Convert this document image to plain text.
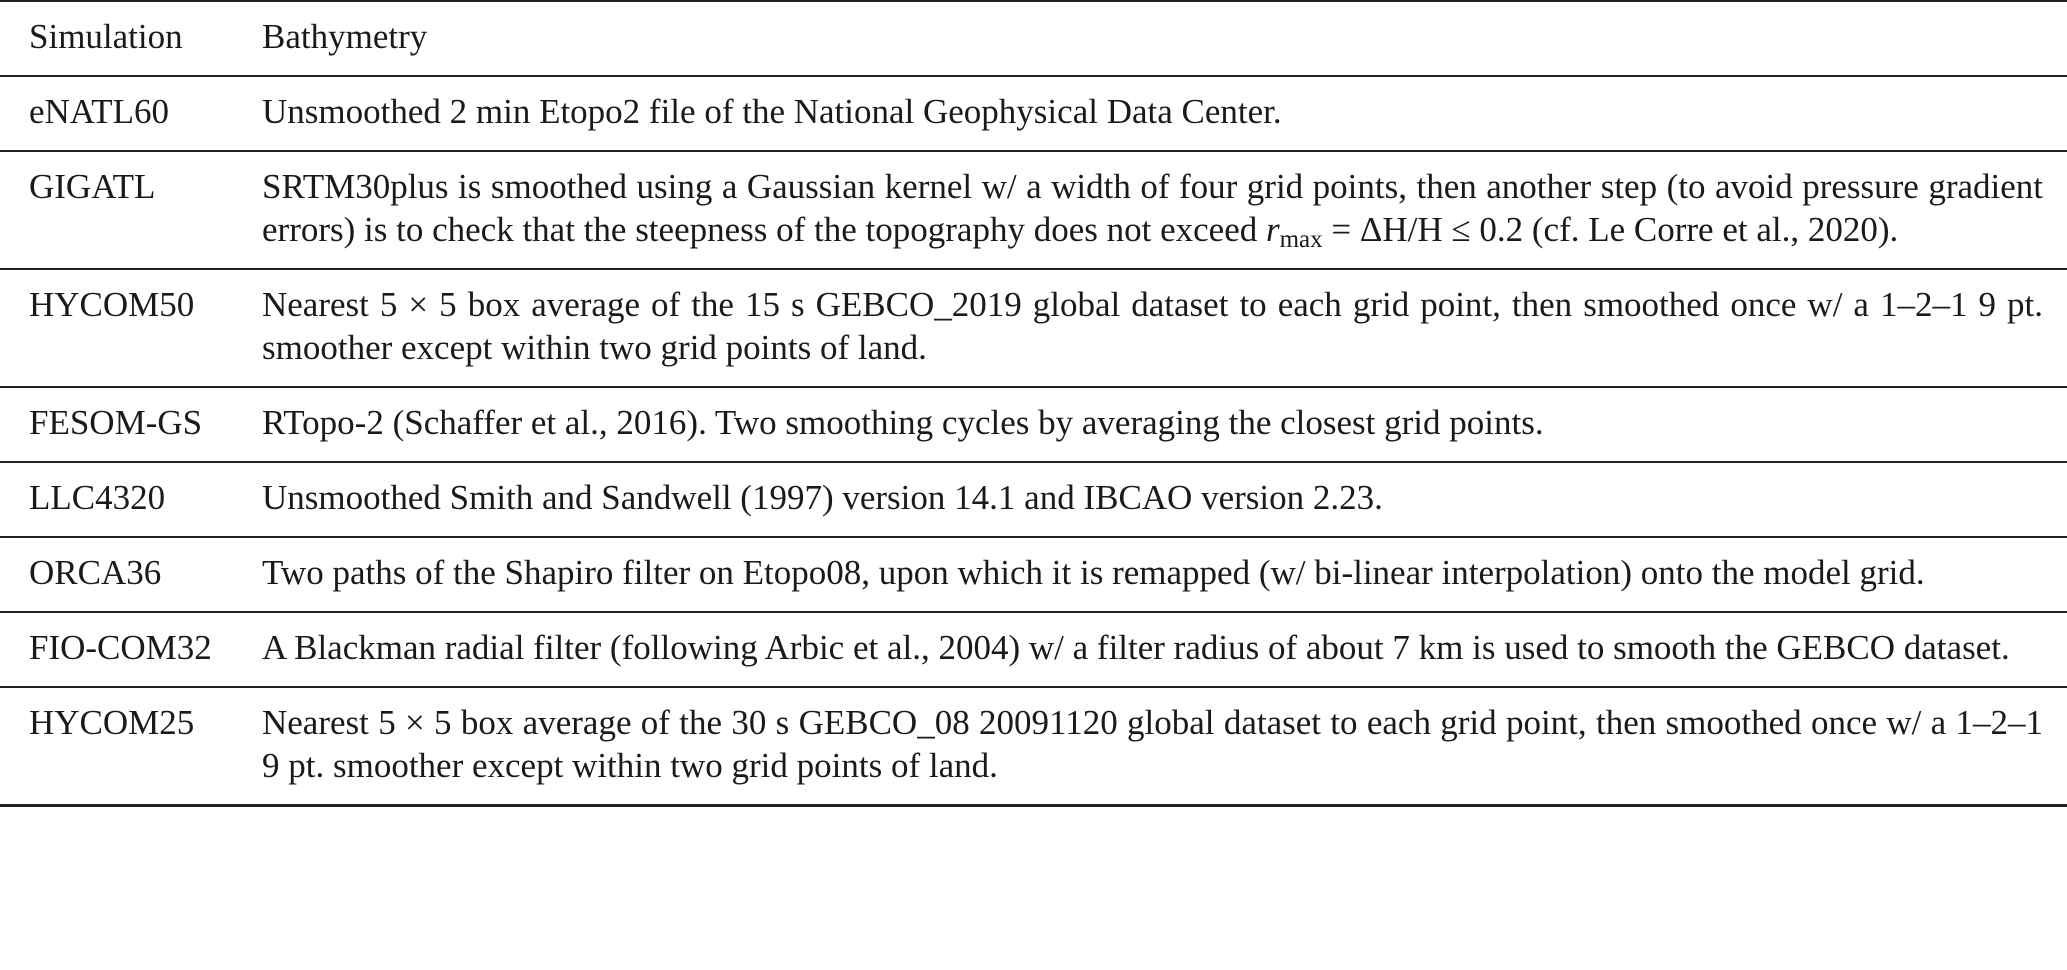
Simulation	Bathymetry
eNATL60	Unsmoothed 2 min Etopo2 file of the National Geophysical Data Center.
GIGATL	SRTM30plus is smoothed using a Gaussian kernel w/ a width of four grid points, then another step (to avoid pressure gradient errors) is to check that the steepness of the topography does not exceed $r_{max} = \Delta H/H \le 0.2$ (cf. Le Corre et al., 2020).
HYCOM50	Nearest 5 × 5 box average of the 15 s GEBCO_2019 global dataset to each grid point, then smoothed once w/ a 1–2–1 9 pt. smoother except within two grid points of land.
FESOM-GS	RTopo-2 (Schaffer et al., 2016). Two smoothing cycles by averaging the closest grid points.
LLC4320	Unsmoothed Smith and Sandwell (1997) version 14.1 and IBCAO version 2.23.
ORCA36	Two paths of the Shapiro filter on Etopo08, upon which it is remapped (w/ bi-linear interpolation) onto the model grid.
FIO-COM32	A Blackman radial filter (following Arbic et al., 2004) w/ a filter radius of about 7 km is used to smooth the GEBCO dataset.
HYCOM25	Nearest 5 × 5 box average of the 30 s GEBCO_08 20091120 global dataset to each grid point, then smoothed once w/ a 1–2–1 9 pt. smoother except within two grid points of land.
